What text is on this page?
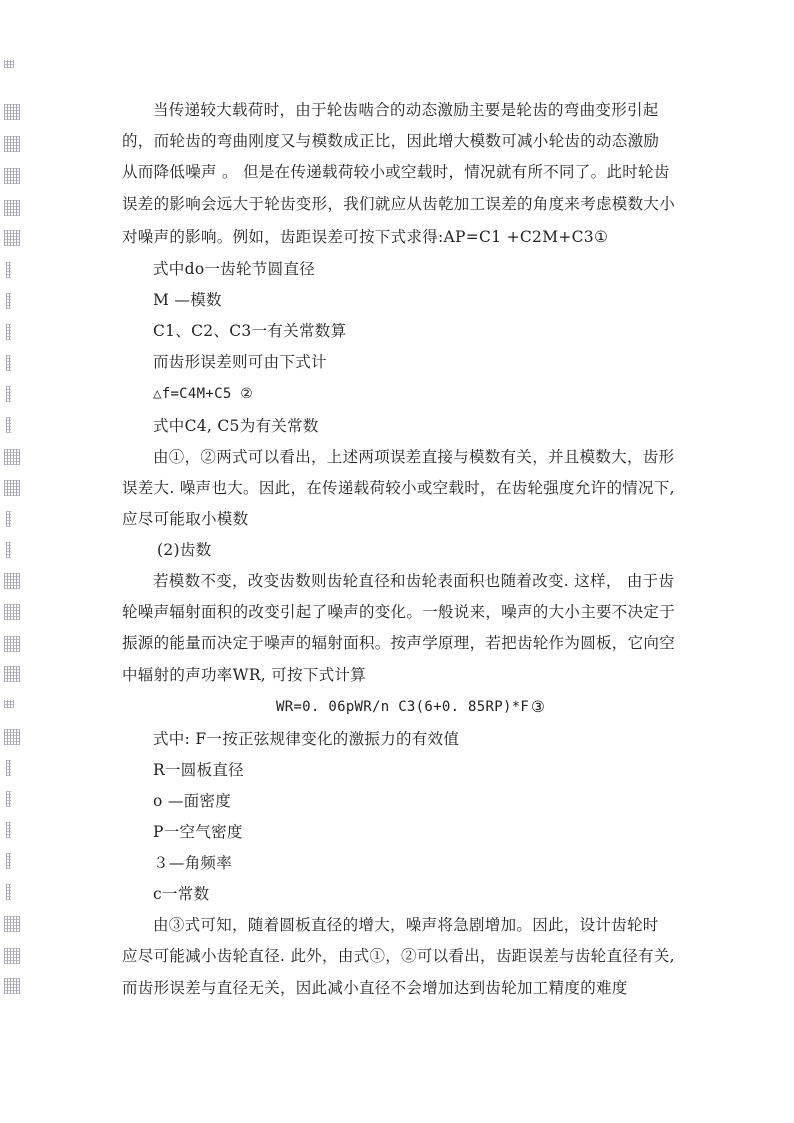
当传递较大载荷时，由于轮齿啮合的动态激励主要是轮齿的弯曲变形引起
的，而轮齿的弯曲刚度又与模数成正比，因此增大模数可减小轮齿的动态激励
从而降低噪声 。 但是在传递载荷较小或空载时，情况就有所不同了。此时轮齿
误差的影响会远大于轮齿变形，我们就应从齿乾加工误差的角度来考虑模数大小
对噪声的影响。例如，齿距误差可按下式求得:AP=C1 +C2M+C3①
式中do一齿轮节圆直径
M —模数
C1、C2、C3一有关常数算
而齿形误差则可由下式计
△f=C4M+C5 ②
式中C4, C5为有关常数
由①，②两式可以看出，上述两项误差直接与模数有关，并且模数大，齿形
误差大. 噪声也大。因此，在传递载荷较小或空载时，在齿轮强度允许的情况下,
应尽可能取小模数
(2)齿数
若模数不变，改变齿数则齿轮直径和齿轮表面积也随着改变. 这样， 由于齿
轮噪声辐射面积的改变引起了噪声的变化。一般说来，噪声的大小主要不决定于
振源的能量而决定于噪声的辐射面积。按声学原理，若把齿轮作为圆板，它向空
中辐射的声功率WR, 可按下式计算
WR=0. 06pWR/n C3(6+0. 85RP)*F ③
式中: F一按正弦规律变化的激振力的有效值
R一圆板直径
o —面密度
P一空气密度
３—角频率
c一常数
由③式可知，随着圆板直径的增大，噪声将急剧增加。因此，设计齿轮时
应尽可能减小齿轮直径. 此外，由式①，②可以看出，齿距误差与齿轮直径有关,
而齿形误差与直径无关，因此减小直径不会增加达到齿轮加工精度的难度
